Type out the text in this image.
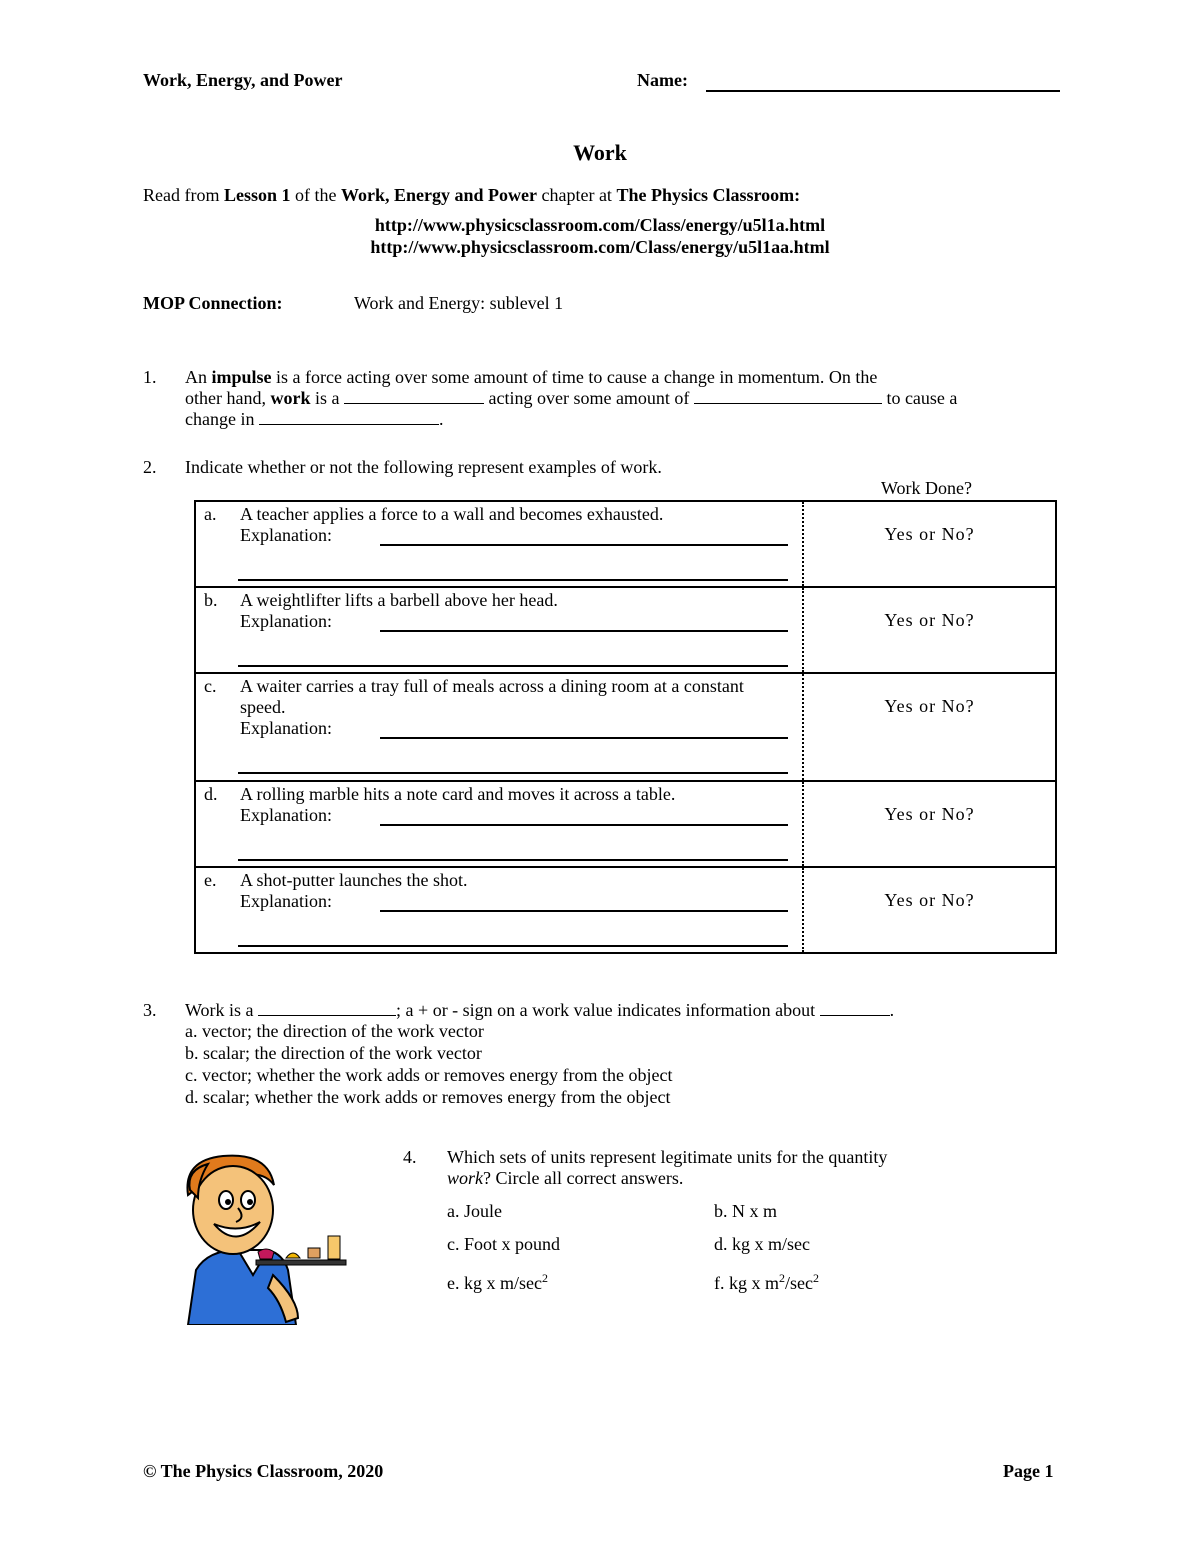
Work, Energy, and Power	Name:
Work
Read from Lesson 1 of the Work, Energy and Power chapter at The Physics Classroom:
http://www.physicsclassroom.com/Class/energy/u5l1a.html
http://www.physicsclassroom.com/Class/energy/u5l1aa.html
MOP Connection:	Work and Energy: sublevel 1
1. An impulse is a force acting over some amount of time to cause a change in momentum. On the
other hand, work is a	acting over some amount of	to cause a
change in	.
2. Indicate whether or not the following represent examples of work.
Work Done?
a. A teacher applies a force to a wall and becomes exhausted.
Explanation:	Yes or No?

b. A weightlifter lifts a barbell above her head.
Explanation:	Yes or No?

c. A waiter carries a tray full of meals across a dining room at a constant speed.
Explanation:	Yes or No?

d. A rolling marble hits a note card and moves it across a table.
Explanation:	Yes or No?

e. A shot-putter launches the shot.
Explanation:	Yes or No?
3. Work is a	; a + or - sign on a work value indicates information about	.
a. vector; the direction of the work vector
b. scalar; the direction of the work vector
c. vector; whether the work adds or removes energy from the object
d. scalar; whether the work adds or removes energy from the object
4. Which sets of units represent legitimate units for the quantity
work? Circle all correct answers.
a. Joule	b. N x m
c. Foot x pound	d. kg x m/sec
e. kg x $m/\sec^2$	f. kg x $m^2/\sec^2$
© The Physics Classroom, 2020	Page 1
